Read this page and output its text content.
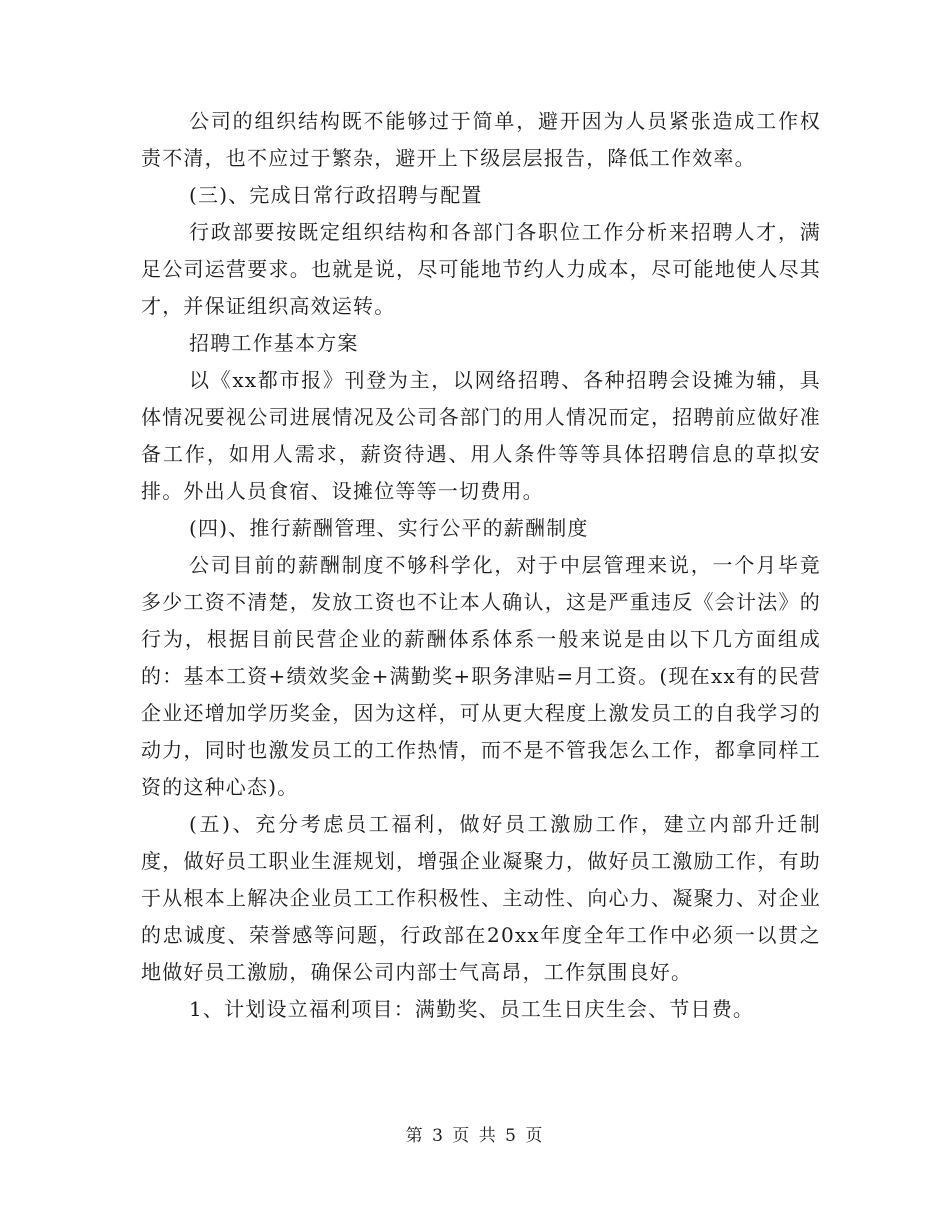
公司的组织结构既不能够过于简单，避开因为人员紧张造成工作权责不清，也不应过于繁杂，避开上下级层层报告，降低工作效率。

(三)、完成日常行政招聘与配置

行政部要按既定组织结构和各部门各职位工作分析来招聘人才，满足公司运营要求。也就是说，尽可能地节约人力成本，尽可能地使人尽其才，并保证组织高效运转。

招聘工作基本方案

以《xx都市报》刊登为主，以网络招聘、各种招聘会设摊为辅，具体情况要视公司进展情况及公司各部门的用人情况而定，招聘前应做好准备工作，如用人需求，薪资待遇、用人条件等等具体招聘信息的草拟安排。外出人员食宿、设摊位等等一切费用。

(四)、推行薪酬管理、实行公平的薪酬制度

公司目前的薪酬制度不够科学化，对于中层管理来说，一个月毕竟多少工资不清楚，发放工资也不让本人确认，这是严重违反《会计法》的行为，根据目前民营企业的薪酬体系体系一般来说是由以下几方面组成的：基本工资+绩效奖金+满勤奖+职务津贴=月工资。(现在xx有的民营企业还增加学历奖金，因为这样，可从更大程度上激发员工的自我学习的动力，同时也激发员工的工作热情，而不是不管我怎么工作，都拿同样工资的这种心态)。

(五)、充分考虑员工福利，做好员工激励工作，建立内部升迁制度，做好员工职业生涯规划，增强企业凝聚力，做好员工激励工作，有助于从根本上解决企业员工工作积极性、主动性、向心力、凝聚力、对企业的忠诚度、荣誉感等问题，行政部在20xx年度全年工作中必须一以贯之地做好员工激励，确保公司内部士气高昂，工作氛围良好。

1、计划设立福利项目：满勤奖、员工生日庆生会、节日费。

第 3 页 共 5 页
